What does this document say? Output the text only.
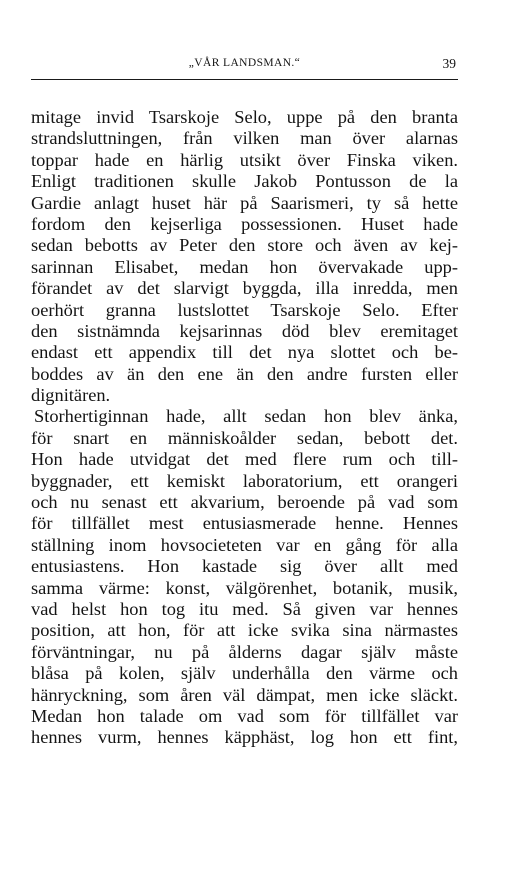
„VÅR LANDSMAN.“	39
mitage invid Tsarskoje Selo, uppe på den branta
strandsluttningen, från vilken man över alarnas
toppar hade en härlig utsikt över Finska viken.
Enligt traditionen skulle Jakob Pontusson de la
Gardie anlagt huset här på Saarismeri, ty så hette
fordom den kejserliga possessionen. Huset hade
sedan bebotts av Peter den store och även av kej-
sarinnan Elisabet, medan hon övervakade upp-
förandet av det slarvigt byggda, illa inredda, men
oerhört granna lustslottet Tsarskoje Selo. Efter
den sistnämnda kejsarinnas död blev eremitaget
endast ett appendix till det nya slottet och be-
boddes av än den ene än den andre fursten eller
dignitären.
Storhertiginnan hade, allt sedan hon blev änka,
för snart en människoålder sedan, bebott det.
Hon hade utvidgat det med flere rum och till-
byggnader, ett kemiskt laboratorium, ett orangeri
och nu senast ett akvarium, beroende på vad som
för tillfället mest entusiasmerade henne. Hennes
ställning inom hovsocieteten var en gång för alla
entusiastens. Hon kastade sig över allt med
samma värme: konst, välgörenhet, botanik, musik,
vad helst hon tog itu med. Så given var hennes
position, att hon, för att icke svika sina närmastes
förväntningar, nu på ålderns dagar själv måste
blåsa på kolen, själv underhålla den värme och
hänryckning, som åren väl dämpat, men icke släckt.
Medan hon talade om vad som för tillfället var
hennes vurm, hennes käpphäst, log hon ett fint,
